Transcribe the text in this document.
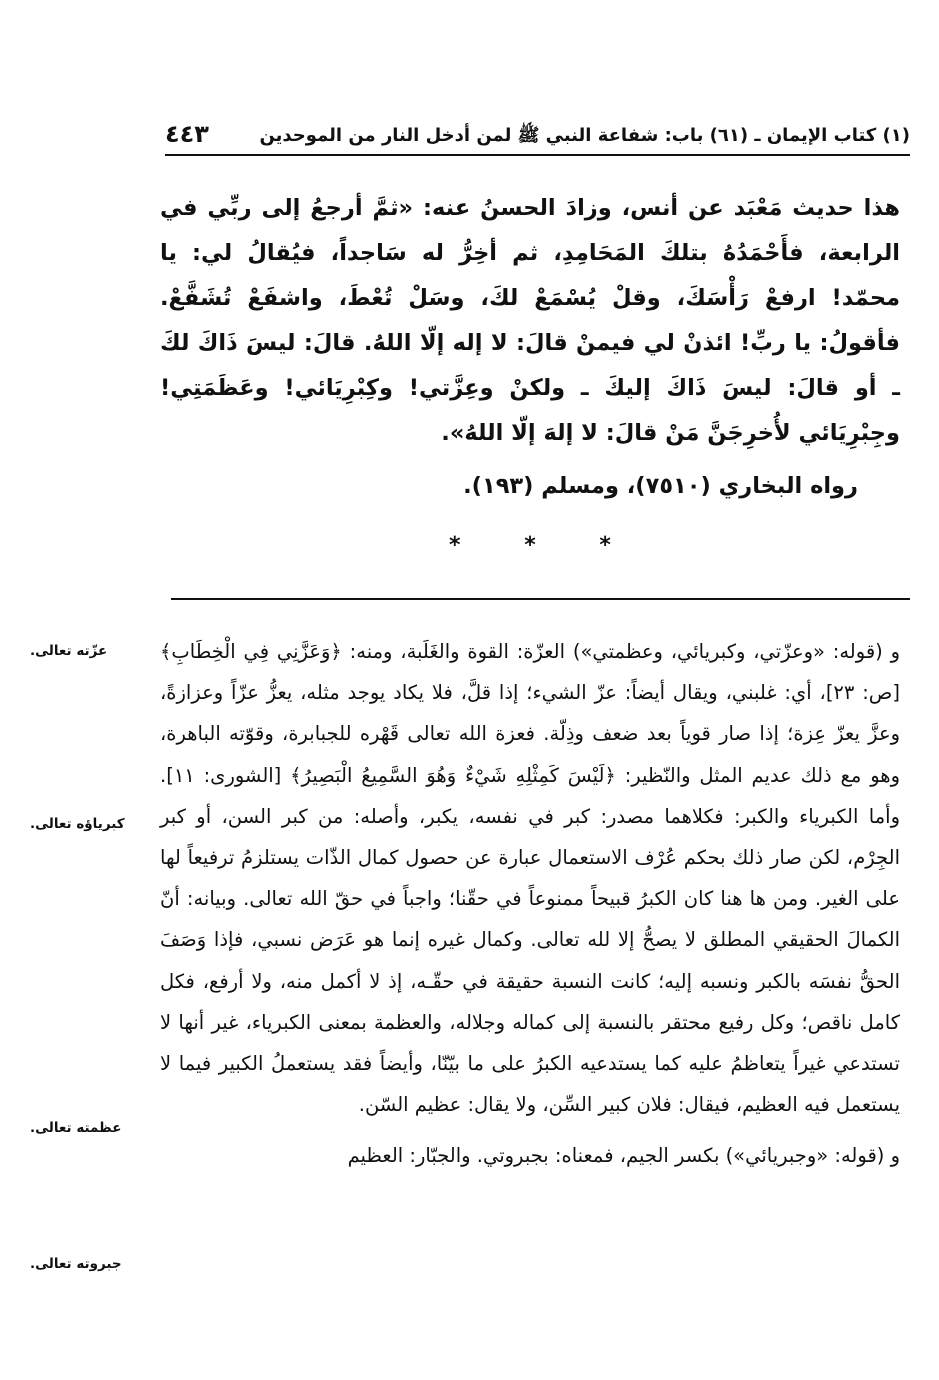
(١) كتاب الإيمان ـ (٦١) باب: شفاعة النبي ﷺ لمن أدخل النار من الموحدين
٤٤٣

هذا حديث مَعْبَد عن أنس، وزادَ الحسنُ عنه: «ثمَّ أرجعُ إلى ربِّي في الرابعة، فأَحْمَدُهُ بتلكَ المَحَامِدِ، ثم أخِرُّ له سَاجداً، فيُقالُ لي: يا محمّد! ارفعْ رَأْسَكَ، وقلْ يُسْمَعْ لكَ، وسَلْ تُعْطَ، واشفَعْ تُشَفَّعْ. فأقولُ: يا ربِّ! ائذنْ لي فيمنْ قالَ: لا إله إلّا اللهُ. قالَ: ليسَ ذَاكَ لكَ ـ أو قالَ: ليسَ ذَاكَ إليكَ ـ ولكنْ وعِزَّتي! وكِبْرِيَائي! وعَظَمَتِي! وجِبْرِيَائي لأُخرِجَنَّ مَنْ قالَ: لا إلهَ إلّا اللهُ».

رواه البخاري (٧٥١٠)، ومسلم (١٩٣).

* * *

و (قوله: «وعزّتي، وكبريائي، وعظمتي») العزّة: القوة والغَلَبة، ومنه: ﴿وَعَزَّنِي فِي الْخِطَابِ﴾ [ص: ٢٣]، أي: غلبني، ويقال أيضاً: عزّ الشيء؛ إذا قلَّ، فلا يكاد يوجد مثله، يعزُّ عزّاً وعزازةً، وعزَّ يعزّ عِزة؛ إذا صار قوياً بعد ضعف وذِلّة. فعزة الله تعالى قَهْره للجبابرة، وقوّته الباهرة، وهو مع ذلك عديم المثل والنّظير: ﴿لَيْسَ كَمِثْلِهِ شَيْءٌ وَهُوَ السَّمِيعُ الْبَصِيرُ﴾ [الشورى: ١١]. وأما الكبرياء والكبر: فكلاهما مصدر: كبر في نفسه، يكبر، وأصله: من كبر السن، أو كبر الجِرْم، لكن صار ذلك بحكم عُرْف الاستعمال عبارة عن حصول كمال الذّات يستلزمُ ترفيعاً لها على الغير. ومن ها هنا كان الكبرُ قبيحاً ممنوعاً في حقّنا؛ واجباً في حقّ الله تعالى. وبيانه: أنّ الكمالَ الحقيقي المطلق لا يصحُّ إلا لله تعالى. وكمال غيره إنما هو عَرَض نسبي، فإذا وَصَفَ الحقُّ نفسَه بالكبر ونسبه إليه؛ كانت النسبة حقيقة في حقّـه، إذ لا أكمل منه، ولا أرفع، فكل كامل ناقص؛ وكل رفيع محتقر بالنسبة إلى كماله وجلاله، والعظمة بمعنى الكبرياء، غير أنها لا تستدعي غيراً يتعاظمُ عليه كما يستدعيه الكبرُ على ما بيّنّا، وأيضاً فقد يستعملُ الكبير فيما لا يستعمل فيه العظيم، فيقال: فلان كبير السِّن، ولا يقال: عظيم السّن.

و (قوله: «وجبريائي») بكسر الجيم، فمعناه: بجبروتي. والجبّار: العظيم

عزّته تعالى.
كبرياؤه تعالى.
عظمته تعالى.
جبروته تعالى.
